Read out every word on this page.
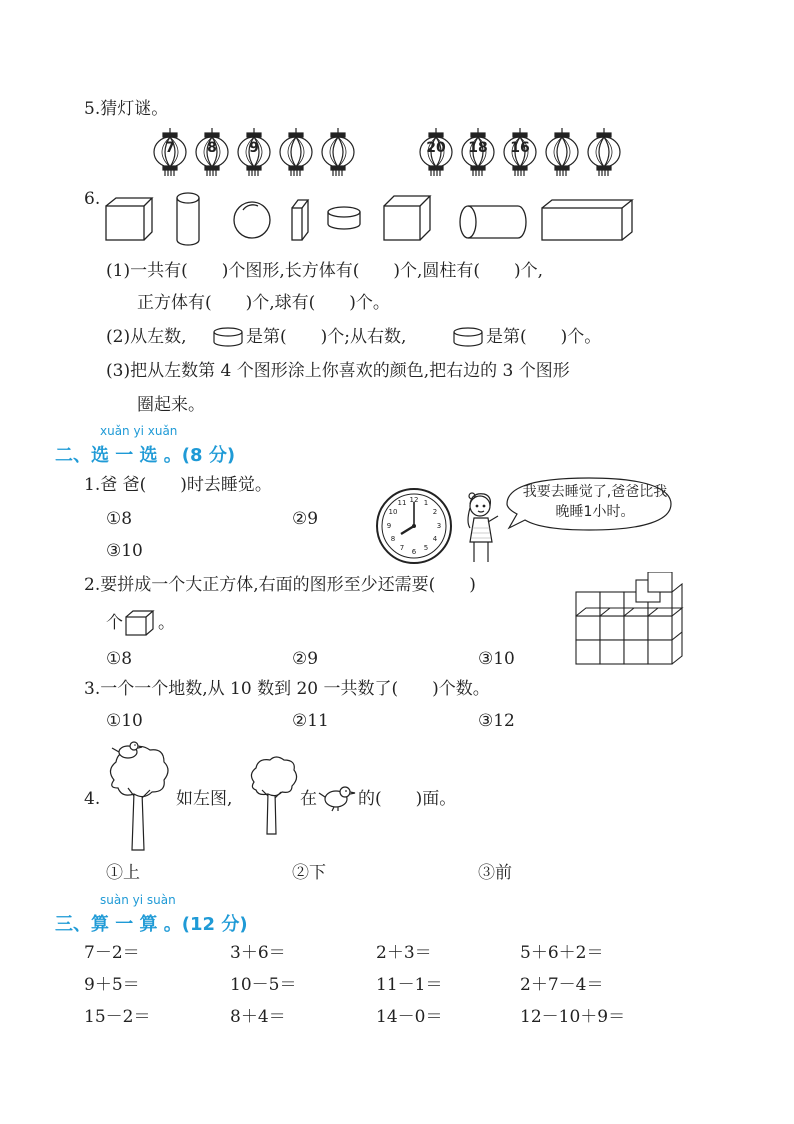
5.猜灯谜。
7	8	9	20	18	16
6.
(1)一共有(　　)个图形,长方体有(　　)个,圆柱有(　　)个,
正方体有(　　)个,球有(　　)个。
(2)从左数,	是第(　　)个;从右数,	是第(　　)个。
(3)把从左数第 4 个图形涂上你喜欢的颜色,把右边的 3 个图形
圈起来。
xuǎn yi xuǎn
二、选 一 选 。(8 分)
1.爸 爸(　　)时去睡觉。
①8	②9
③10
12 1
2
3
4
5
6
7
8
9
10
11
我要去睡觉了,爸爸比我晚睡1小时。
2.要拼成一个大正方体,右面的图形至少还需要(　　)
个 。
①8	②9	③10
3.一个一个地数,从 10 数到 20 一共数了(　　)个数。
①10	②11	③12
4.	如左图,	在 的(　　)面。
①上	②下	③前
suàn yi suàn
三、算 一 算 。(12 分)
7－2＝	3＋6＝	2＋3＝	5＋6＋2＝
9＋5＝	10－5＝	11－1＝	2＋7－4＝
15－2＝	8＋4＝	14－0＝	12－10＋9＝
